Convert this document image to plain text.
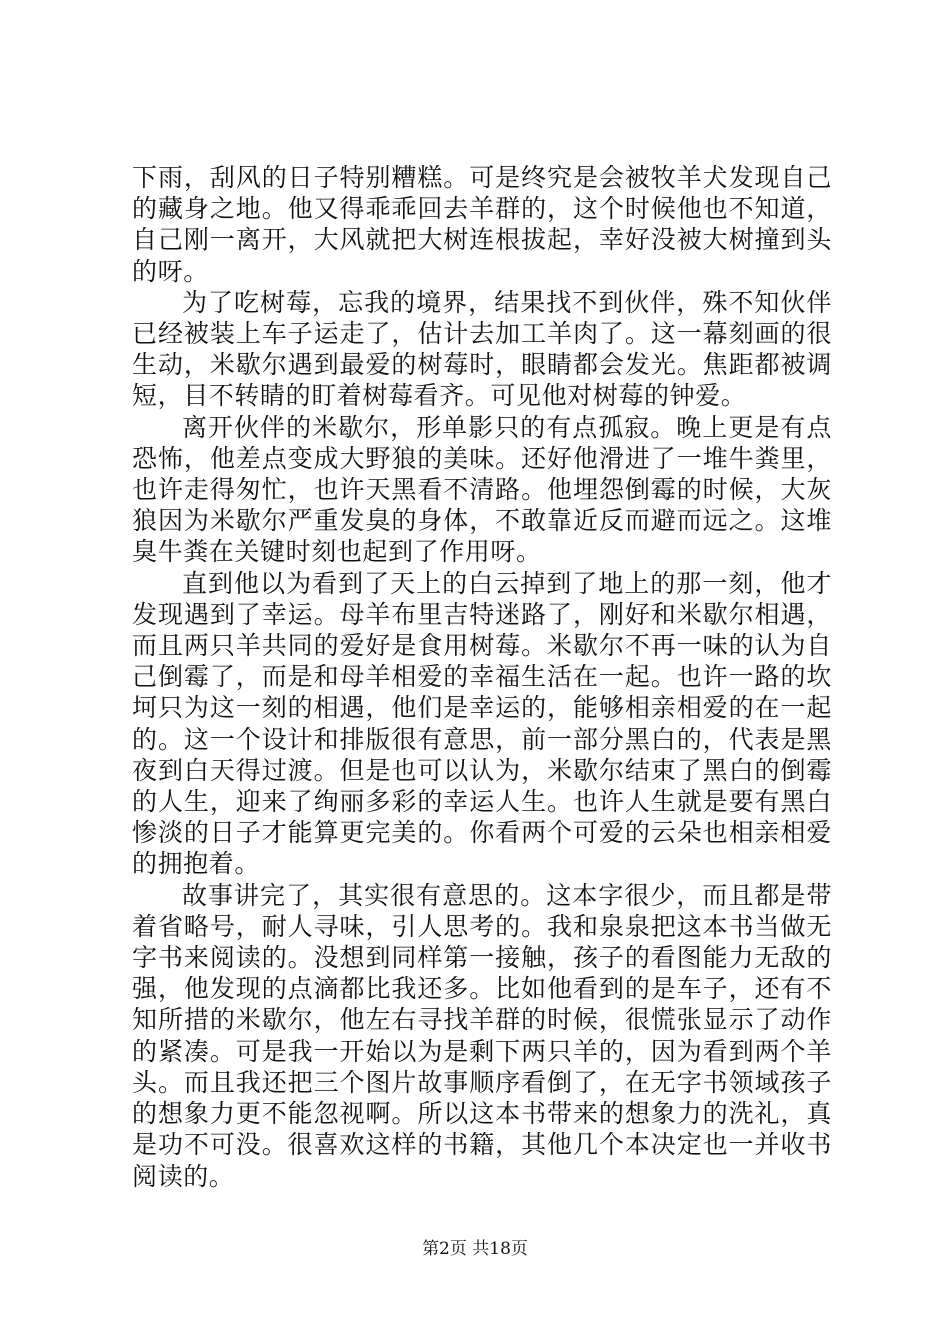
下雨，刮风的日子特别糟糕。可是终究是会被牧羊犬发现自己的藏身之地。他又得乖乖回去羊群的，这个时候他也不知道，自己刚一离开，大风就把大树连根拔起，幸好没被大树撞到头的呀。

为了吃树莓，忘我的境界，结果找不到伙伴，殊不知伙伴已经被装上车子运走了，估计去加工羊肉了。这一幕刻画的很生动，米歇尔遇到最爱的树莓时，眼睛都会发光。焦距都被调短，目不转睛的盯着树莓看齐。可见他对树莓的钟爱。

离开伙伴的米歇尔，形单影只的有点孤寂。晚上更是有点恐怖，他差点变成大野狼的美味。还好他滑进了一堆牛粪里，也许走得匆忙，也许天黑看不清路。他埋怨倒霉的时候，大灰狼因为米歇尔严重发臭的身体，不敢靠近反而避而远之。这堆臭牛粪在关键时刻也起到了作用呀。

直到他以为看到了天上的白云掉到了地上的那一刻，他才发现遇到了幸运。母羊布里吉特迷路了，刚好和米歇尔相遇，而且两只羊共同的爱好是食用树莓。米歇尔不再一味的认为自己倒霉了，而是和母羊相爱的幸福生活在一起。也许一路的坎坷只为这一刻的相遇，他们是幸运的，能够相亲相爱的在一起的。这一个设计和排版很有意思，前一部分黑白的，代表是黑夜到白天得过渡。但是也可以认为，米歇尔结束了黑白的倒霉的人生，迎来了绚丽多彩的幸运人生。也许人生就是要有黑白惨淡的日子才能算更完美的。你看两个可爱的云朵也相亲相爱的拥抱着。

故事讲完了，其实很有意思的。这本字很少，而且都是带着省略号，耐人寻味，引人思考的。我和泉泉把这本书当做无字书来阅读的。没想到同样第一接触，孩子的看图能力无敌的强，他发现的点滴都比我还多。比如他看到的是车子，还有不知所措的米歇尔，他左右寻找羊群的时候，很慌张显示了动作的紧凑。可是我一开始以为是剩下两只羊的，因为看到两个羊头。而且我还把三个图片故事顺序看倒了，在无字书领域孩子的想象力更不能忽视啊。所以这本书带来的想象力的洗礼，真是功不可没。很喜欢这样的书籍，其他几个本决定也一并收书阅读的。

第2页 共18页
